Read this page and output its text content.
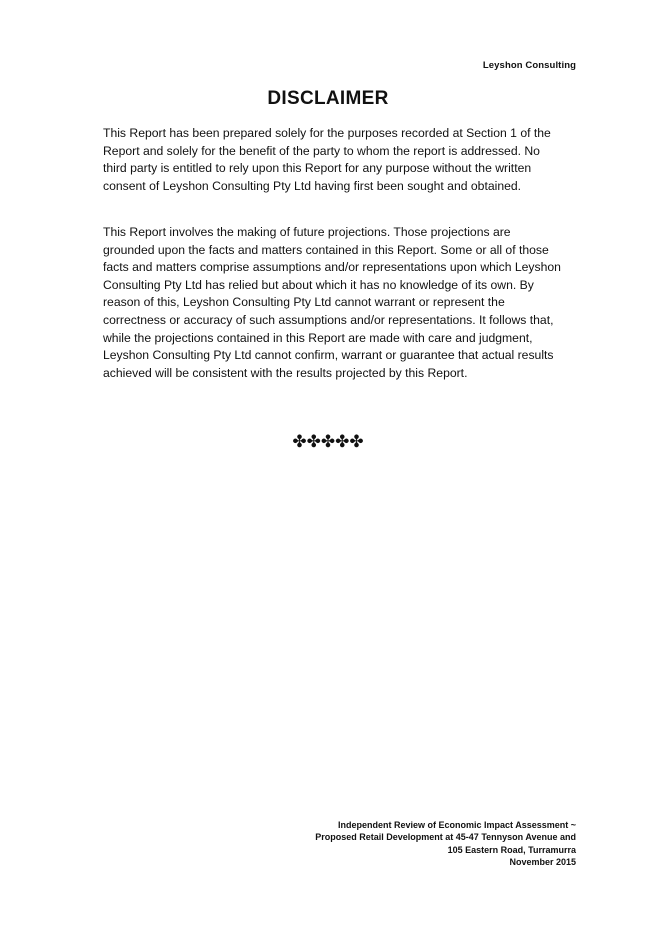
Leyshon Consulting
DISCLAIMER

This Report has been prepared solely for the purposes recorded at Section 1 of the Report and solely for the benefit of the party to whom the report is addressed. No third party is entitled to rely upon this Report for any purpose without the written consent of Leyshon Consulting Pty Ltd having first been sought and obtained.

This Report involves the making of future projections. Those projections are grounded upon the facts and matters contained in this Report. Some or all of those facts and matters comprise assumptions and/or representations upon which Leyshon Consulting Pty Ltd has relied but about which it has no knowledge of its own. By reason of this, Leyshon Consulting Pty Ltd cannot warrant or represent the correctness or accuracy of such assumptions and/or representations. It follows that, while the projections contained in this Report are made with care and judgment, Leyshon Consulting Pty Ltd cannot confirm, warrant or guarantee that actual results achieved will be consistent with the results projected by this Report.

✤✤✤✤✤
Independent Review of Economic Impact Assessment ~
Proposed Retail Development at 45-47 Tennyson Avenue and
105 Eastern Road, Turramurra
November 2015
